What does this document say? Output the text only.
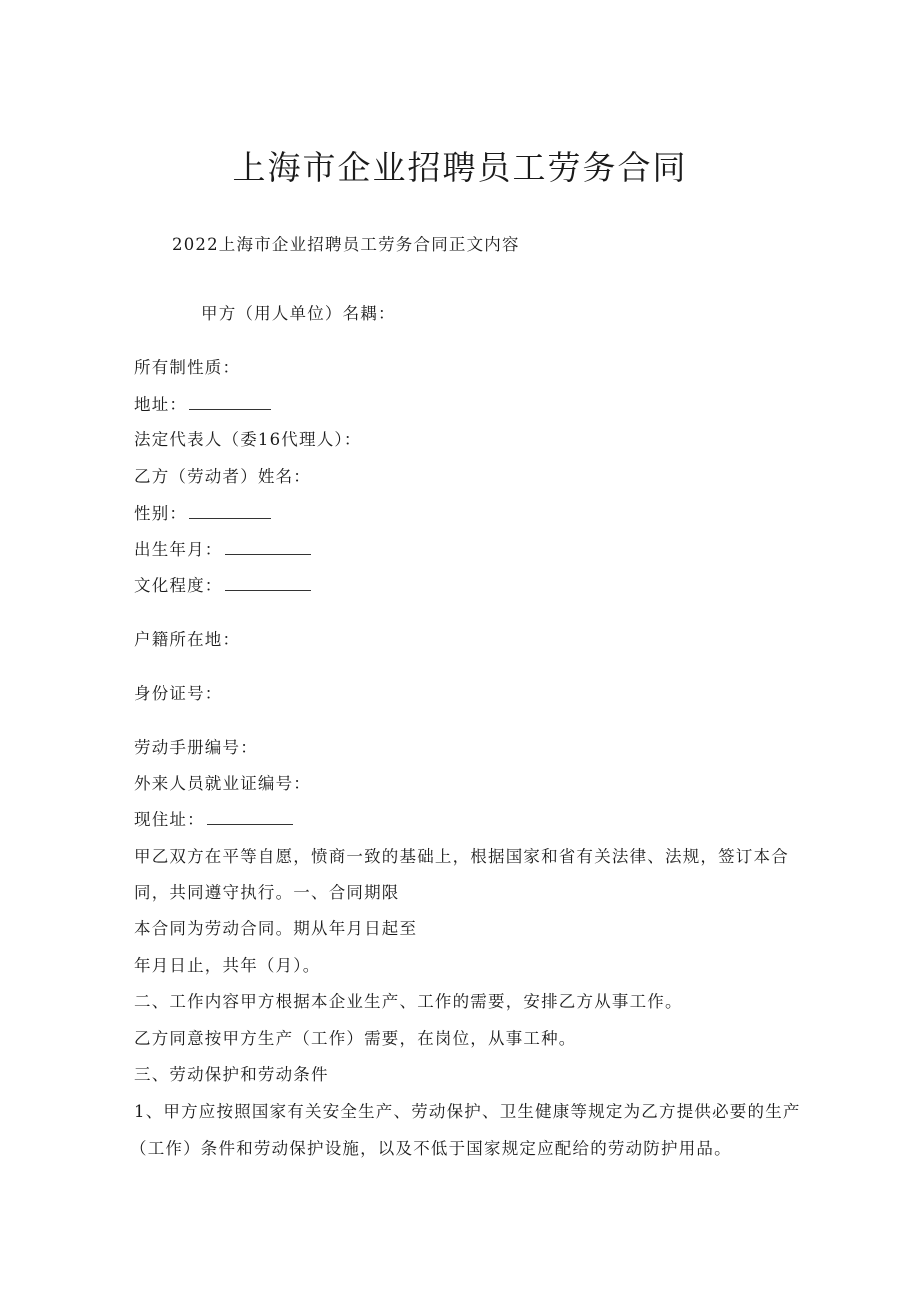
上海市企业招聘员工劳务合同
2022上海市企业招聘员工劳务合同正文内容
甲方（用人单位）名耦：
所有制性质：
地址：
法定代表人（委16代理人）：
乙方（劳动者）姓名：
性别：
出生年月：
文化程度：
户籍所在地：
身份证号：
劳动手册编号：
外来人员就业证编号：
现住址：
甲乙双方在平等自愿，愤商一致的基础上，根据国家和省有关法律、法规，签订本合
同，共同遵守执行。一、合同期限
本合同为劳动合同。期从年月日起至
年月日止，共年（月）。
二、工作内容甲方根据本企业生产、工作的需要，安排乙方从事工作。
乙方同意按甲方生产（工作）需要，在岗位，从事工种。
三、劳动保护和劳动条件
1、甲方应按照国家有关安全生产、劳动保护、卫生健康等规定为乙方提供必要的生产
（工作）条件和劳动保护设施，以及不低于国家规定应配给的劳动防护用品。
